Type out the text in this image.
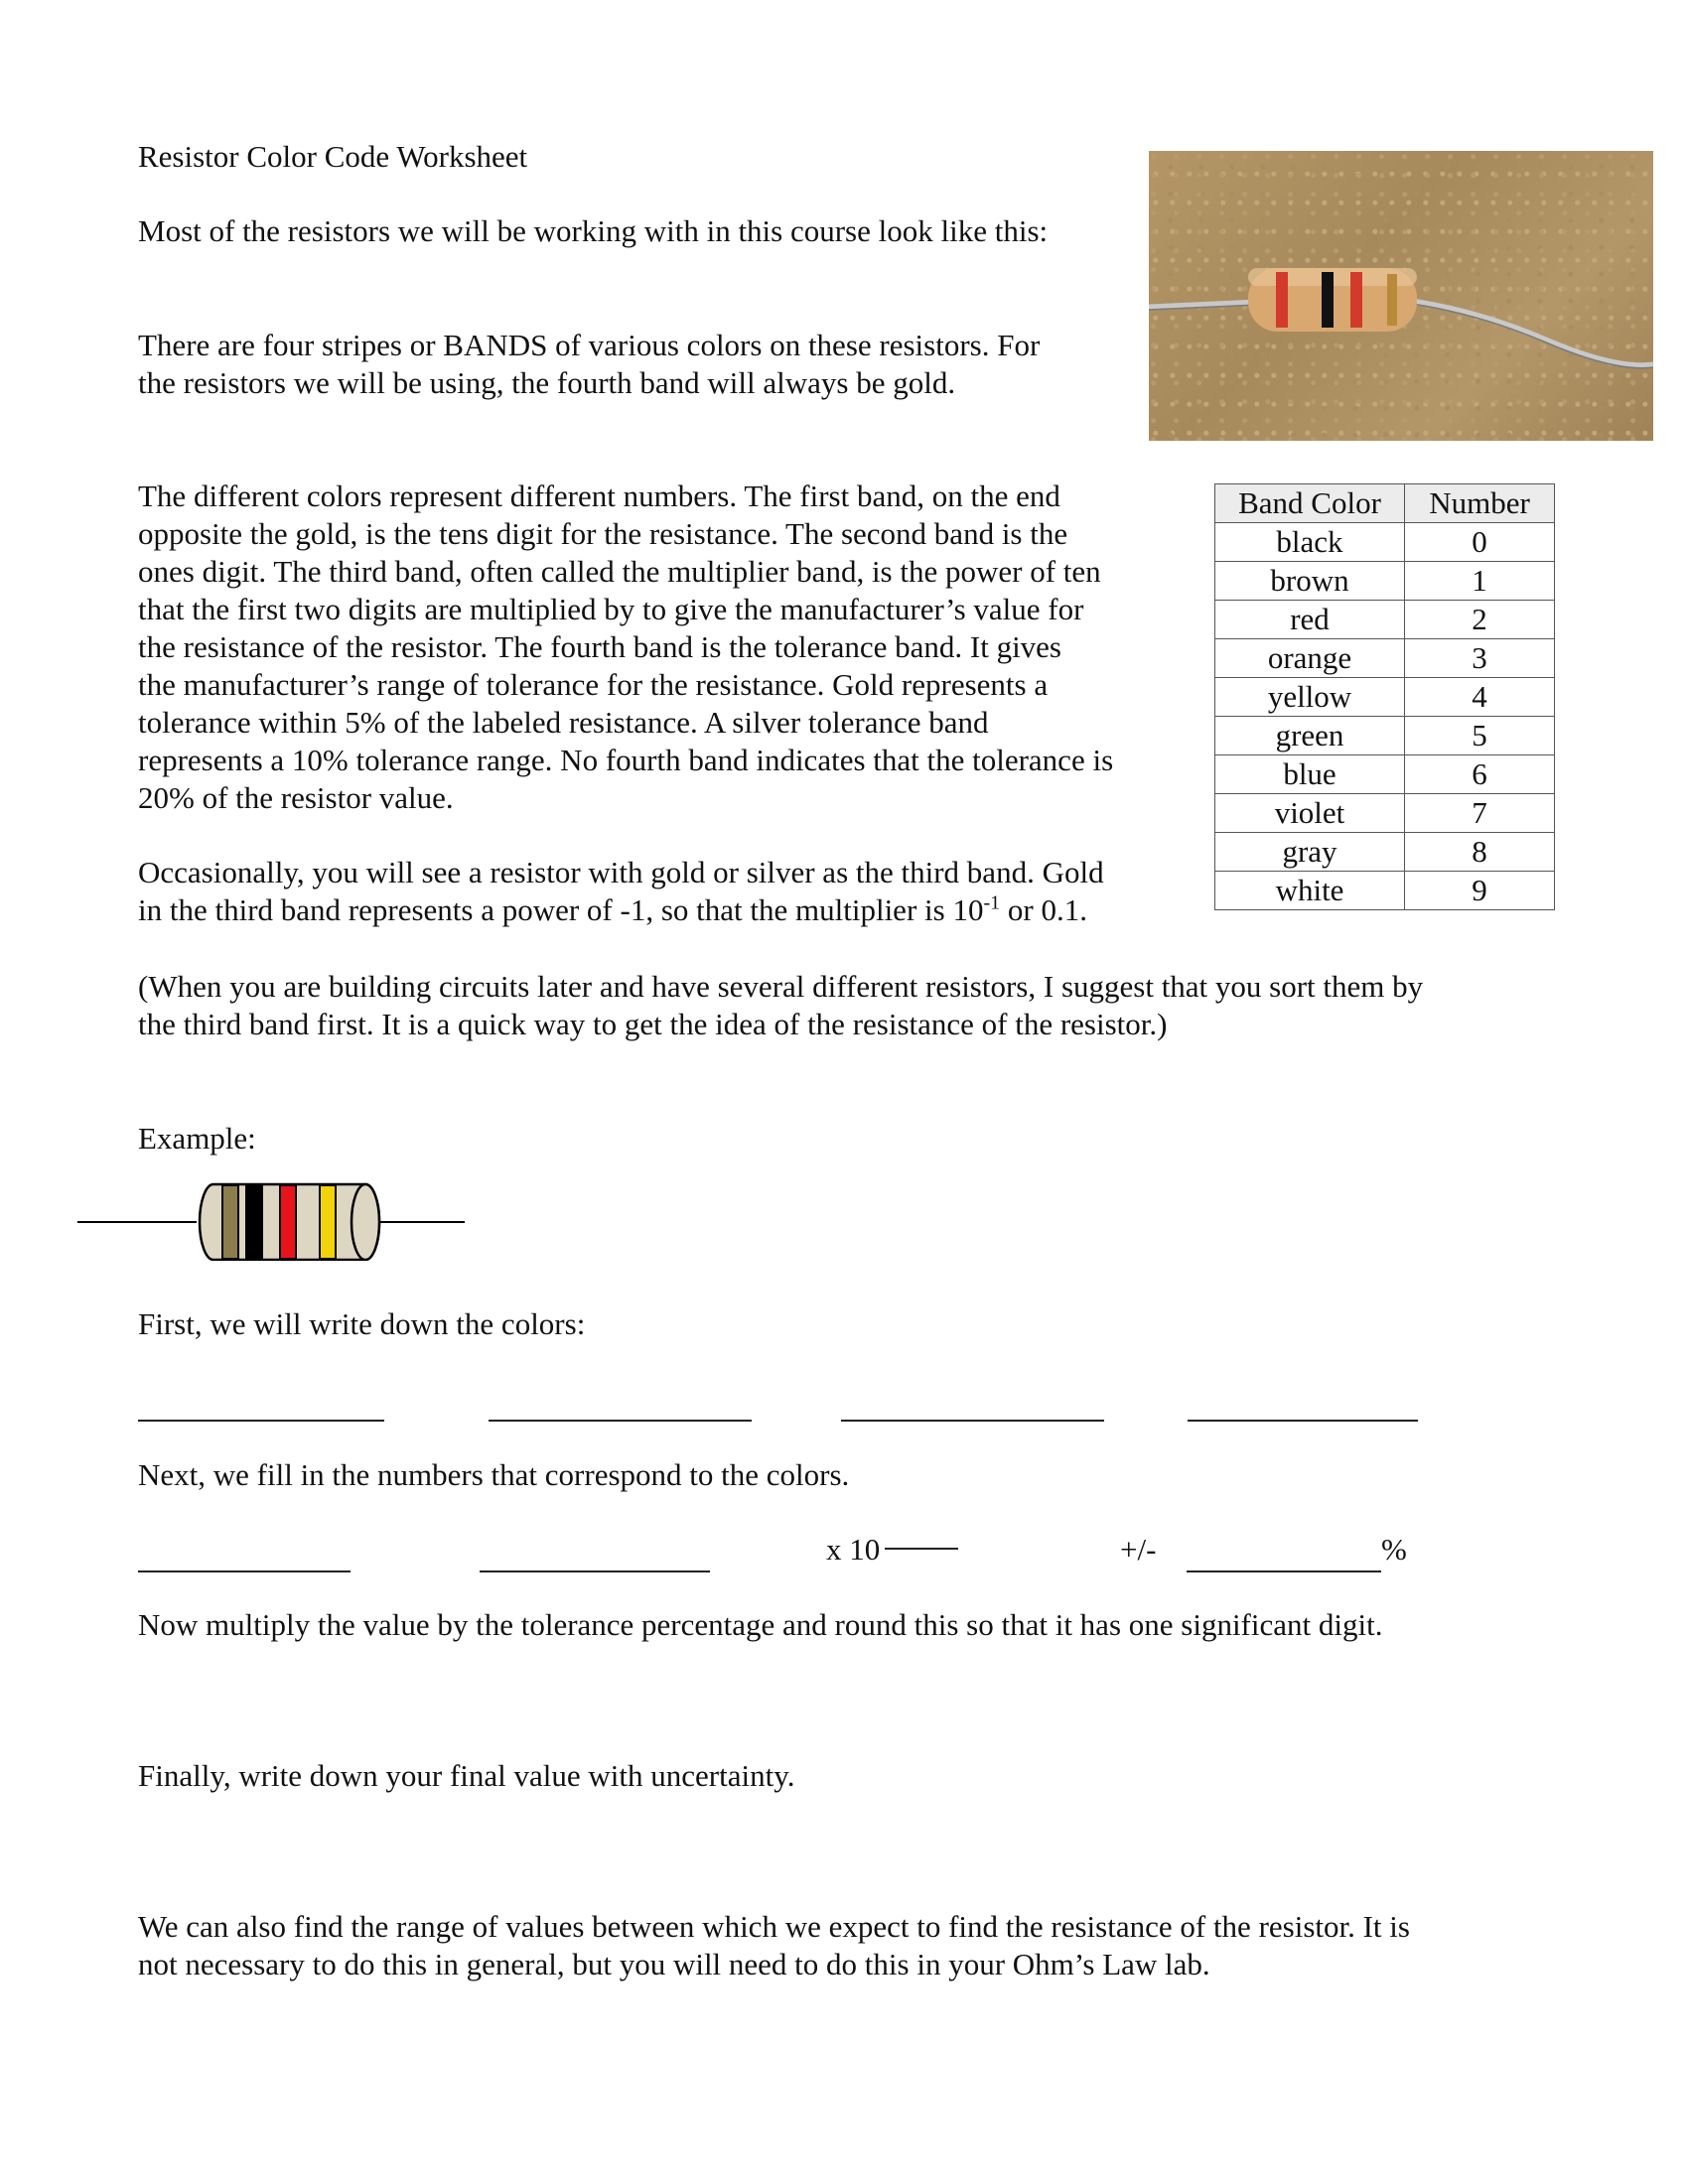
Resistor Color Code Worksheet

Most of the resistors we will be working with in this course look like this:

There are four stripes or BANDS of various colors on these resistors. For

the resistors we will be using, the fourth band will always be gold.

The different colors represent different numbers. The first band, on the end

opposite the gold, is the tens digit for the resistance. The second band is the

ones digit. The third band, often called the multiplier band, is the power of ten

that the first two digits are multiplied by to give the manufacturer’s value for

the resistance of the resistor. The fourth band is the tolerance band. It gives

the manufacturer’s range of tolerance for the resistance. Gold represents a

tolerance within 5% of the labeled resistance. A silver tolerance band

represents a 10% tolerance range. No fourth band indicates that the tolerance is

20% of the resistor value.

Band Color	Number
black	0
brown	1
red	2
orange	3
yellow	4
green	5
blue	6
violet	7
gray	8
white	9

Occasionally, you will see a resistor with gold or silver as the third band. Gold

in the third band represents a power of -1, so that the multiplier is $10^{-1}$ or 0.1.

(When you are building circuits later and have several different resistors, I suggest that you sort them by

the third band first. It is a quick way to get the idea of the resistance of the resistor.)

Example:

First, we will write down the colors:

Next, we fill in the numbers that correspond to the colors.

x 10	+/-	%

Now multiply the value by the tolerance percentage and round this so that it has one significant digit.

Finally, write down your final value with uncertainty.

We can also find the range of values between which we expect to find the resistance of the resistor. It is

not necessary to do this in general, but you will need to do this in your Ohm’s Law lab.
